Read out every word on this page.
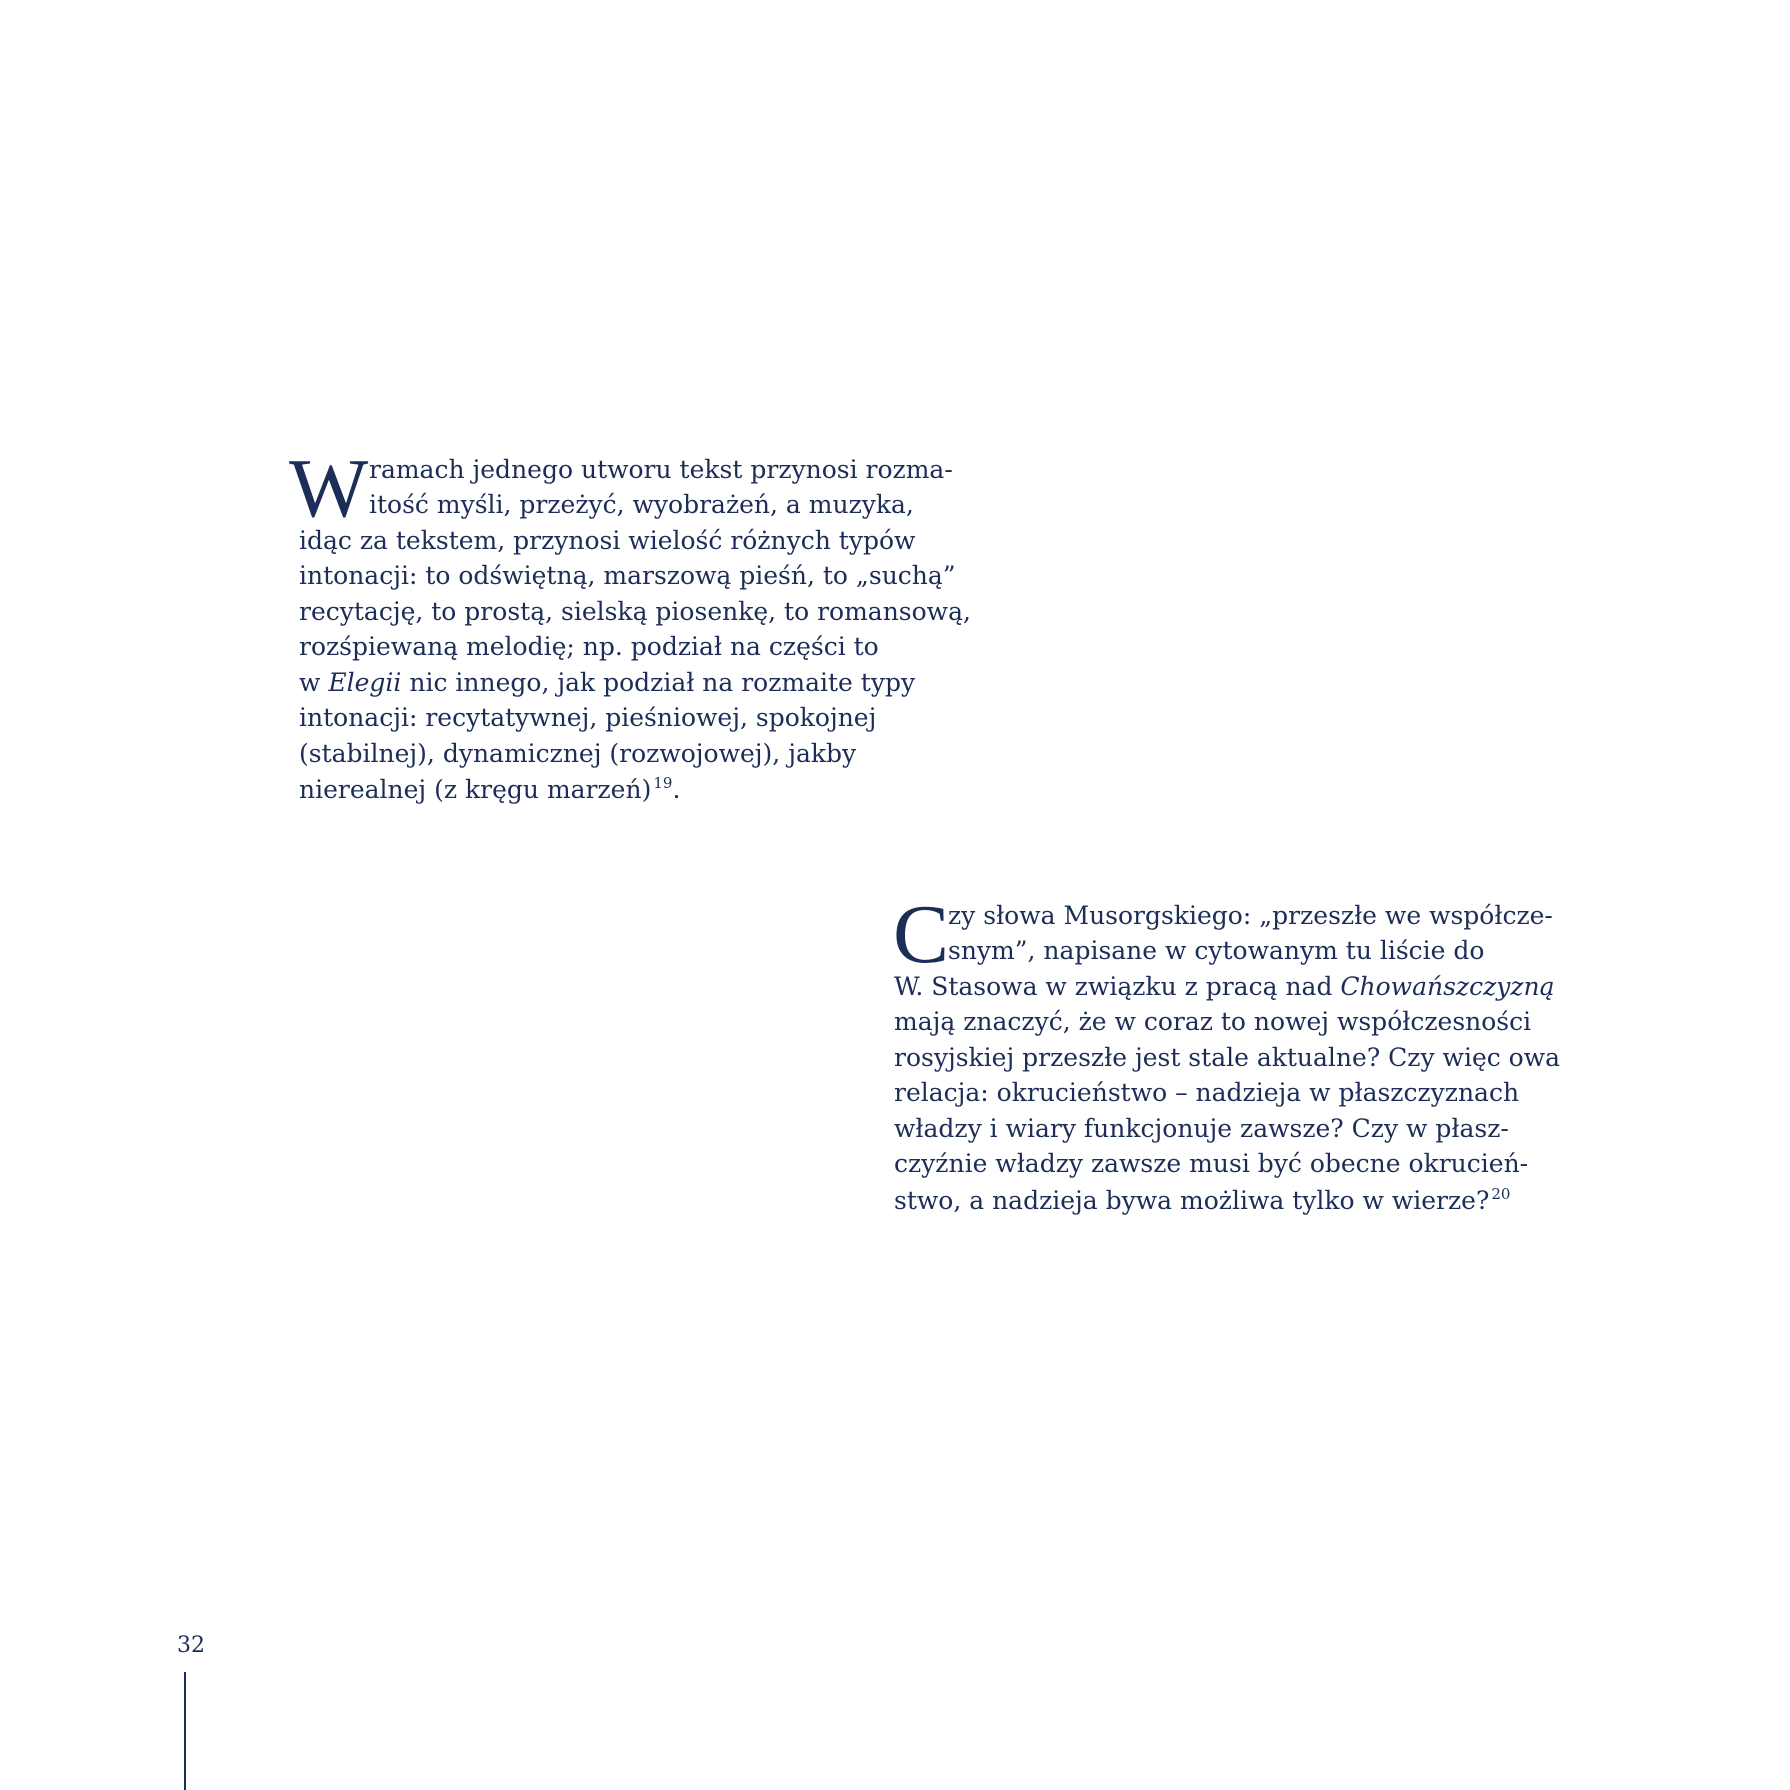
W ramach jednego utworu tekst przynosi rozma-
itość myśli, przeżyć, wyobrażeń, a muzyka,
idąc za tekstem, przynosi wielość różnych typów
intonacji: to odświętną, marszową pieśń, to „suchą”
recytację, to prostą, sielską piosenkę, to romansową,
rozśpiewaną melodię; np. podział na części to
w Elegii nic innego, jak podział na rozmaite typy
intonacji: recytatywnej, pieśniowej, spokojnej
(stabilnej), dynamicznej (rozwojowej), jakby
nierealnej (z kręgu marzeń) $^{19}$.
C
zy słowa Musorgskiego: „przeszłe we współcze-
snym”, napisane w cytowanym tu liście do
W. Stasowa w związku z pracą nad Chowańszczyzną
mają znaczyć, że w coraz to nowej współczesności
rosyjskiej przeszłe jest stale aktualne? Czy więc owa
relacja: okrucieństwo – nadzieja w płaszczyznach
władzy i wiary funkcjonuje zawsze? Czy w płasz-
czyźnie władzy zawsze musi być obecne okrucień-
stwo, a nadzieja bywa możliwa tylko w wierze? $^{20}$
32
